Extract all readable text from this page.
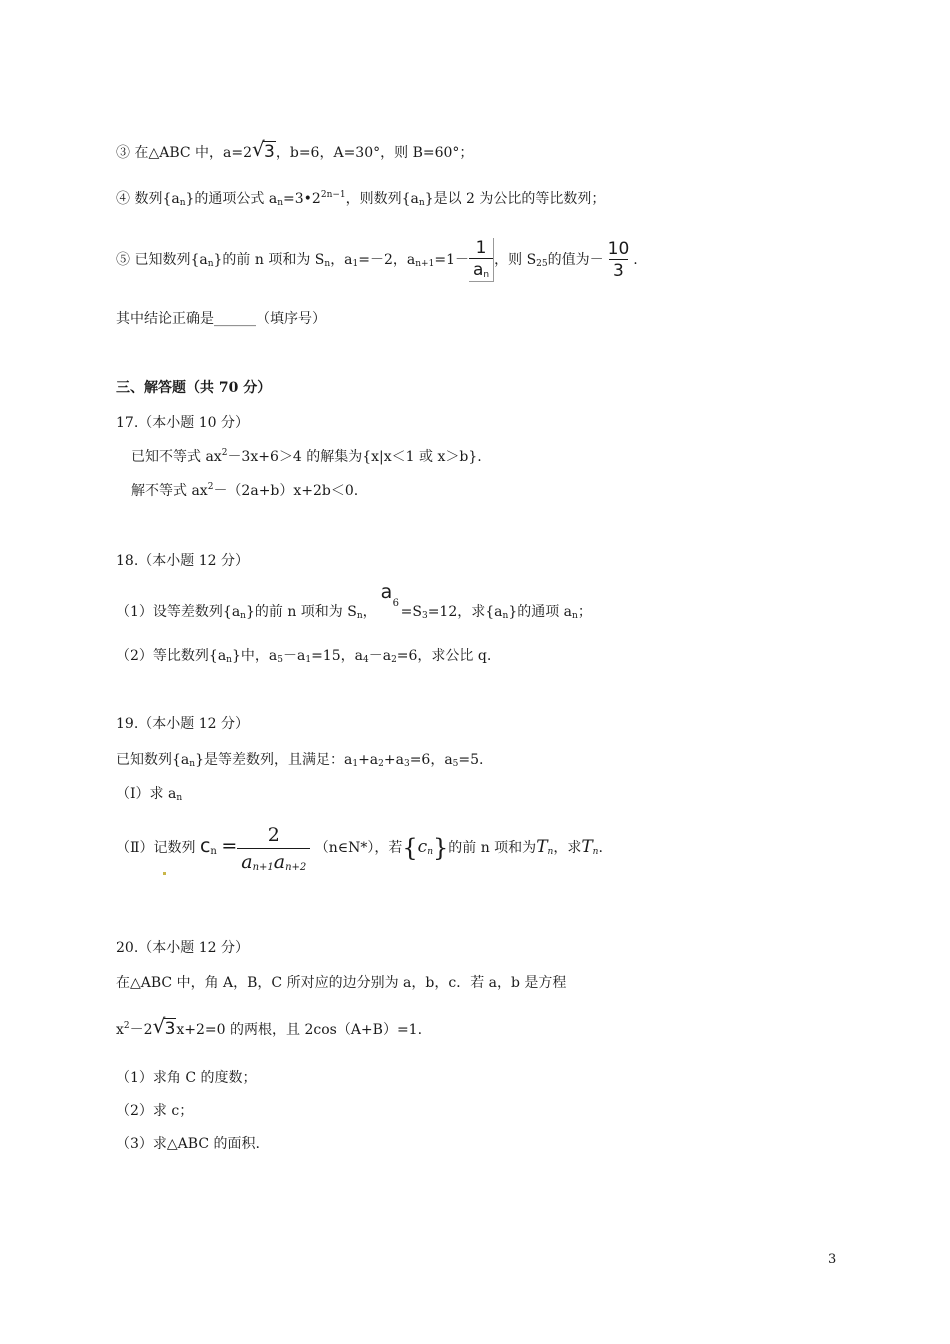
③ 在△ABC 中，a=2 √ 3，b=6，A=30°，则 B=60°；
④ 数列$\{a_n\}$的通项公式 $a_n=3•2^{2n-1}$，则数列$\{a_n\}$是以 2 为公比的等比数列；
⑤ 已知数列$\{a_n\}$的前 n 项和为 $S_n$，$a_1=-2$，$a_{n+1}=1- \frac{1}{a_n}$ ，则 $S_{25}$的值为－ $\frac{10}{3}$ .
其中结论正确是______（填序号）
三、解答题（共 70 分）
17.（本小题 10 分）
已知不等式 $ax^2-3x+6>4$ 的解集为{x|x＜1 或 x＞b}.
解不等式 $ax^2-(2a+b)x+2b<0$.
18.（本小题 12 分）
（1）设等差数列$\{a_n\}$的前 n 项和为 $S_n$，
a
6
$=S_3=12$，求$\{a_n\}$的通项 $a_n$；
（2）等比数列$\{a_n\}$中，$a_5-a_1=15$，$a_4-a_2=6$，求公比 q.
19.（本小题 12 分）
已知数列$\{a_n\}$是等差数列，且满足：$a_1+a_2+a_3=6$，$a_5=5$.
（Ⅰ）求 $a_n$
（Ⅱ）记数列 $c_n = \frac{2}{a_{n+1}a_{n+2}}$ （n∈N*），若$\{c_n\}$的前 n 项和为$T_n$，求$T_n$.
20.（本小题 12 分）
在△ABC 中，角 A，B，C 所对应的边分别为 a，b，c．若 a，b 是方程
$x^2-2$ √ 3x+2=0 的两根，且 2cos（A+B）=1.
（1）求角 C 的度数；
（2）求 c；
（3）求△ABC 的面积.
3
